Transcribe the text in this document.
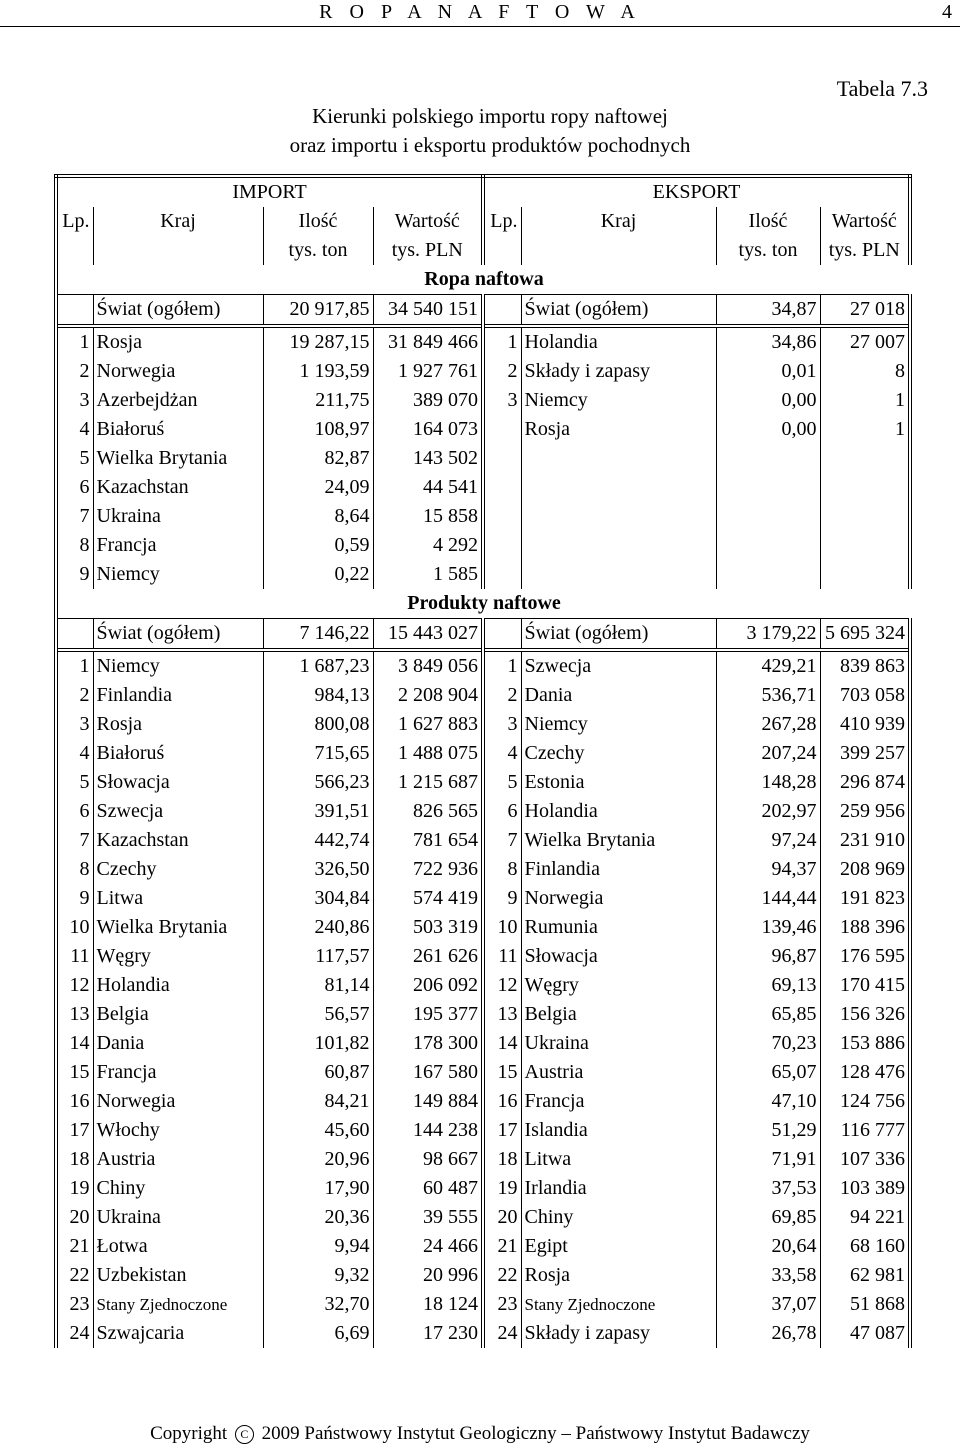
R O P A N A F T O W A	4
Tabela 7.3
Kierunki polskiego importu ropy naftowej
oraz importu i eksportu produktów pochodnych
IMPORT				EKSPORT			
Lp.	Kraj	Ilość	Wartość	Lp.	Kraj	Ilość	Wartość
		tys. ton	tys. PLN			tys. ton	tys. PLN
Ropa naftowa							
	Świat (ogółem)	20 917,85	34 540 151		Świat (ogółem)	34,87	27 018
1	Rosja	19 287,15	31 849 466	1	Holandia	34,86	27 007
2	Norwegia	1 193,59	1 927 761	2	Składy i zapasy	0,01	8
3	Azerbejdżan	211,75	389 070	3	Niemcy	0,00	1
4	Białoruś	108,97	164 073		Rosja	0,00	1
5	Wielka Brytania	82,87	143 502				
6	Kazachstan	24,09	44 541				
7	Ukraina	8,64	15 858				
8	Francja	0,59	4 292				
9	Niemcy	0,22	1 585				
Produkty naftowe							
	Świat (ogółem)	7 146,22	15 443 027		Świat (ogółem)	3 179,22	5 695 324
1	Niemcy	1 687,23	3 849 056	1	Szwecja	429,21	839 863
2	Finlandia	984,13	2 208 904	2	Dania	536,71	703 058
3	Rosja	800,08	1 627 883	3	Niemcy	267,28	410 939
4	Białoruś	715,65	1 488 075	4	Czechy	207,24	399 257
5	Słowacja	566,23	1 215 687	5	Estonia	148,28	296 874
6	Szwecja	391,51	826 565	6	Holandia	202,97	259 956
7	Kazachstan	442,74	781 654	7	Wielka Brytania	97,24	231 910
8	Czechy	326,50	722 936	8	Finlandia	94,37	208 969
9	Litwa	304,84	574 419	9	Norwegia	144,44	191 823
10	Wielka Brytania	240,86	503 319	10	Rumunia	139,46	188 396
11	Węgry	117,57	261 626	11	Słowacja	96,87	176 595
12	Holandia	81,14	206 092	12	Węgry	69,13	170 415
13	Belgia	56,57	195 377	13	Belgia	65,85	156 326
14	Dania	101,82	178 300	14	Ukraina	70,23	153 886
15	Francja	60,87	167 580	15	Austria	65,07	128 476
16	Norwegia	84,21	149 884	16	Francja	47,10	124 756
17	Włochy	45,60	144 238	17	Islandia	51,29	116 777
18	Austria	20,96	98 667	18	Litwa	71,91	107 336
19	Chiny	17,90	60 487	19	Irlandia	37,53	103 389
20	Ukraina	20,36	39 555	20	Chiny	69,85	94 221
21	Łotwa	9,94	24 466	21	Egipt	20,64	68 160
22	Uzbekistan	9,32	20 996	22	Rosja	33,58	62 981
23	Stany Zjednoczone	32,70	18 124	23	Stany Zjednoczone	37,07	51 868
24	Szwajcaria	6,69	17 230	24	Składy i zapasy	26,78	47 087
Copyright C 2009 Państwowy Instytut Geologiczny – Państwowy Instytut Badawczy
